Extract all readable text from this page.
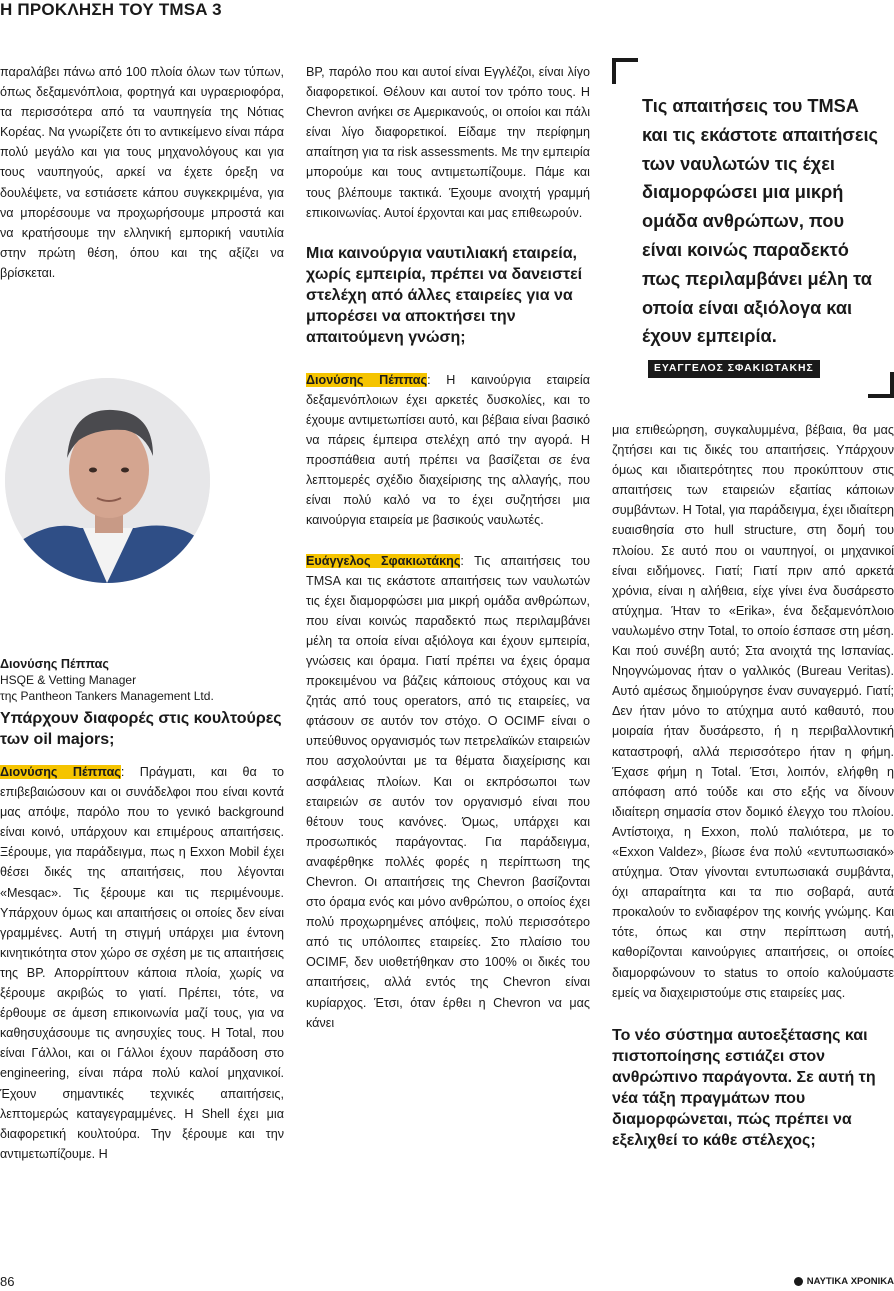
Η ΠΡΟΚΛΗΣΗ ΤΟΥ TMSA 3

παραλάβει πάνω από 100 πλοία όλων των τύπων, όπως δεξαμενόπλοια, φορτηγά και υγραεριοφόρα, τα περισσότερα από τα ναυπηγεία της Νότιας Κορέας. Να γνωρίζετε ότι το αντικείμενο είναι πάρα πολύ μεγάλο και για τους μηχανολόγους και για τους ναυπηγούς, αρκεί να έχετε όρεξη να δουλέψετε, να εστιάσετε κάπου συγκεκριμένα, για να μπορέσουμε να προχωρήσουμε μπροστά και να κρατήσουμε την ελληνική εμπορική ναυτιλία στην πρώτη θέση, όπου και της αξίζει να βρίσκεται.

Διονύσης Πέππας
HSQE & Vetting Manager
της Pantheon Tankers Management Ltd.

Υπάρχουν διαφορές στις κουλτούρες των oil majors;

Διονύσης Πέππας: Πράγματι, και θα το επιβεβαιώσουν και οι συνάδελφοι που είναι κοντά μας απόψε, παρόλο που το γενικό background είναι κοινό, υπάρχουν και επιμέρους απαιτήσεις. Ξέρουμε, για παράδειγμα, πως η Exxon Mobil έχει θέσει δικές της απαιτήσεις, που λέγονται «Mesqac». Τις ξέρουμε και τις περιμένουμε. Υπάρχουν όμως και απαιτήσεις οι οποίες δεν είναι γραμμένες. Αυτή τη στιγμή υπάρχει μια έντονη κινητικότητα στον χώρο σε σχέση με τις απαιτήσεις της BP. Απορρίπτουν κάποια πλοία, χωρίς να ξέρουμε ακριβώς το γιατί. Πρέπει, τότε, να έρθουμε σε άμεση επικοινωνία μαζί τους, για να καθησυχάσουμε τις ανησυχίες τους. Η Total, που είναι Γάλλοι, και οι Γάλλοι έχουν παράδοση στο engineering, είναι πάρα πολύ καλοί μηχανικοί. Έχουν σημαντικές τεχνικές απαιτήσεις, λεπτομερώς καταγεγραμμένες. Η Shell έχει μια διαφορετική κουλτούρα. Την ξέρουμε και την αντιμετωπίζουμε. Η

BP, παρόλο που και αυτοί είναι Εγγλέζοι, είναι λίγο διαφορετικοί. Θέλουν και αυτοί τον τρόπο τους. Η Chevron ανήκει σε Αμερικανούς, οι οποίοι και πάλι είναι λίγο διαφορετικοί. Είδαμε την περίφημη απαίτηση για τα risk assessments. Με την εμπειρία μπορούμε και τους αντιμετωπίζουμε. Πάμε και τους βλέπουμε τακτικά. Έχουμε ανοιχτή γραμμή επικοινωνίας. Αυτοί έρχονται και μας επιθεωρούν.

Μια καινούργια ναυτιλιακή εταιρεία, χωρίς εμπειρία, πρέπει να δανειστεί στελέχη από άλλες εταιρείες για να μπορέσει να αποκτήσει την απαιτούμενη γνώση;

Διονύσης Πέππας: Η καινούργια εταιρεία δεξαμενόπλοιων έχει αρκετές δυσκολίες, και το έχουμε αντιμετωπίσει αυτό, και βέβαια είναι βασικό να πάρεις έμπειρα στελέχη από την αγορά. Η προσπάθεια αυτή πρέπει να βασίζεται σε ένα λεπτομερές σχέδιο διαχείρισης της αλλαγής, που είναι πολύ καλό να το έχει συζητήσει μια καινούργια εταιρεία με βασικούς ναυλωτές.

Ευάγγελος Σφακιωτάκης: Τις απαιτήσεις του TMSA και τις εκάστοτε απαιτήσεις των ναυλωτών τις έχει διαμορφώσει μια μικρή ομάδα ανθρώπων, που είναι κοινώς παραδεκτό πως περιλαμβάνει μέλη τα οποία είναι αξιόλογα και έχουν εμπειρία, γνώσεις και όραμα. Γιατί πρέπει να έχεις όραμα προκειμένου να βάζεις κάποιους στόχους και να ζητάς από τους operators, από τις εταιρείες, να φτάσουν σε αυτόν τον στόχο. Ο OCIMF είναι ο υπεύθυνος οργανισμός των πετρελαϊκών εταιρειών που ασχολούνται με τα θέματα διαχείρισης και ασφάλειας πλοίων. Και οι εκπρόσωποι των εταιρειών σε αυτόν τον οργανισμό είναι που θέτουν τους κανόνες. Όμως, υπάρχει και προσωπικός παράγοντας. Για παράδειγμα, αναφέρθηκε πολλές φορές η περίπτωση της Chevron. Οι απαιτήσεις της Chevron βασίζονται στο όραμα ενός και μόνο ανθρώπου, ο οποίος έχει πολύ προχωρημένες απόψεις, πολύ περισσότερο από τις υπόλοιπες εταιρείες. Στο πλαίσιο του OCIMF, δεν υιοθετήθηκαν στο 100% οι δικές του απαιτήσεις, αλλά εντός της Chevron είναι κυρίαρχος. Έτσι, όταν έρθει η Chevron να μας κάνει

Τις απαιτήσεις του TMSA και τις εκάστοτε απαιτήσεις των ναυλωτών τις έχει διαμορφώσει μια μικρή ομάδα ανθρώπων, που είναι κοινώς παραδεκτό πως περιλαμβάνει μέλη τα οποία είναι αξιόλογα και έχουν εμπειρία.
ΕΥΑΓΓΕΛΟΣ ΣΦΑΚΙΩΤΑΚΗΣ

μια επιθεώρηση, συγκαλυμμένα, βέβαια, θα μας ζητήσει και τις δικές του απαιτήσεις. Υπάρχουν όμως και ιδιαιτερότητες που προκύπτουν στις απαιτήσεις των εταιρειών εξαιτίας κάποιων συμβάντων. Η Total, για παράδειγμα, έχει ιδιαίτερη ευαισθησία στο hull structure, στη δομή του πλοίου. Σε αυτό που οι ναυπηγοί, οι μηχανικοί είναι ειδήμονες. Γιατί; Γιατί πριν από αρκετά χρόνια, είναι η αλήθεια, είχε γίνει ένα δυσάρεστο ατύχημα. Ήταν το «Erika», ένα δεξαμενόπλοιο ναυλωμένο στην Total, το οποίο έσπασε στη μέση. Και πού συνέβη αυτό; Στα ανοιχτά της Ισπανίας. Νηογνώμονας ήταν ο γαλλικός (Bureau Veritas). Αυτό αμέσως δημιούργησε έναν συναγερμό. Γιατί; Δεν ήταν μόνο το ατύχημα αυτό καθαυτό, που μοιραία ήταν δυσάρεστο, ή η περιβαλλοντική καταστροφή, αλλά περισσότερο ήταν η φήμη. Έχασε φήμη η Total. Έτσι, λοιπόν, ελήφθη η απόφαση από τούδε και στο εξής να δίνουν ιδιαίτερη σημασία στον δομικό έλεγχο του πλοίου. Αντίστοιχα, η Exxon, πολύ παλιότερα, με το «Exxon Valdez», βίωσε ένα πολύ «εντυπωσιακό» ατύχημα. Όταν γίνονται εντυπωσιακά συμβάντα, όχι απαραίτητα και τα πιο σοβαρά, αυτά προκαλούν το ενδιαφέρον της κοινής γνώμης. Και τότε, όπως και στην περίπτωση αυτή, καθορίζονται καινούργιες απαιτήσεις, οι οποίες διαμορφώνουν το status το οποίο καλούμαστε εμείς να διαχειριστούμε στις εταιρείες μας.

Το νέο σύστημα αυτοεξέτασης και πιστοποίησης εστιάζει στον ανθρώπινο παράγοντα. Σε αυτή τη νέα τάξη πραγμάτων που διαμορφώνεται, πώς πρέπει να εξελιχθεί το κάθε στέλεχος;

86	ΝΑΥΤΙΚΑ ΧΡΟΝΙΚΑ
